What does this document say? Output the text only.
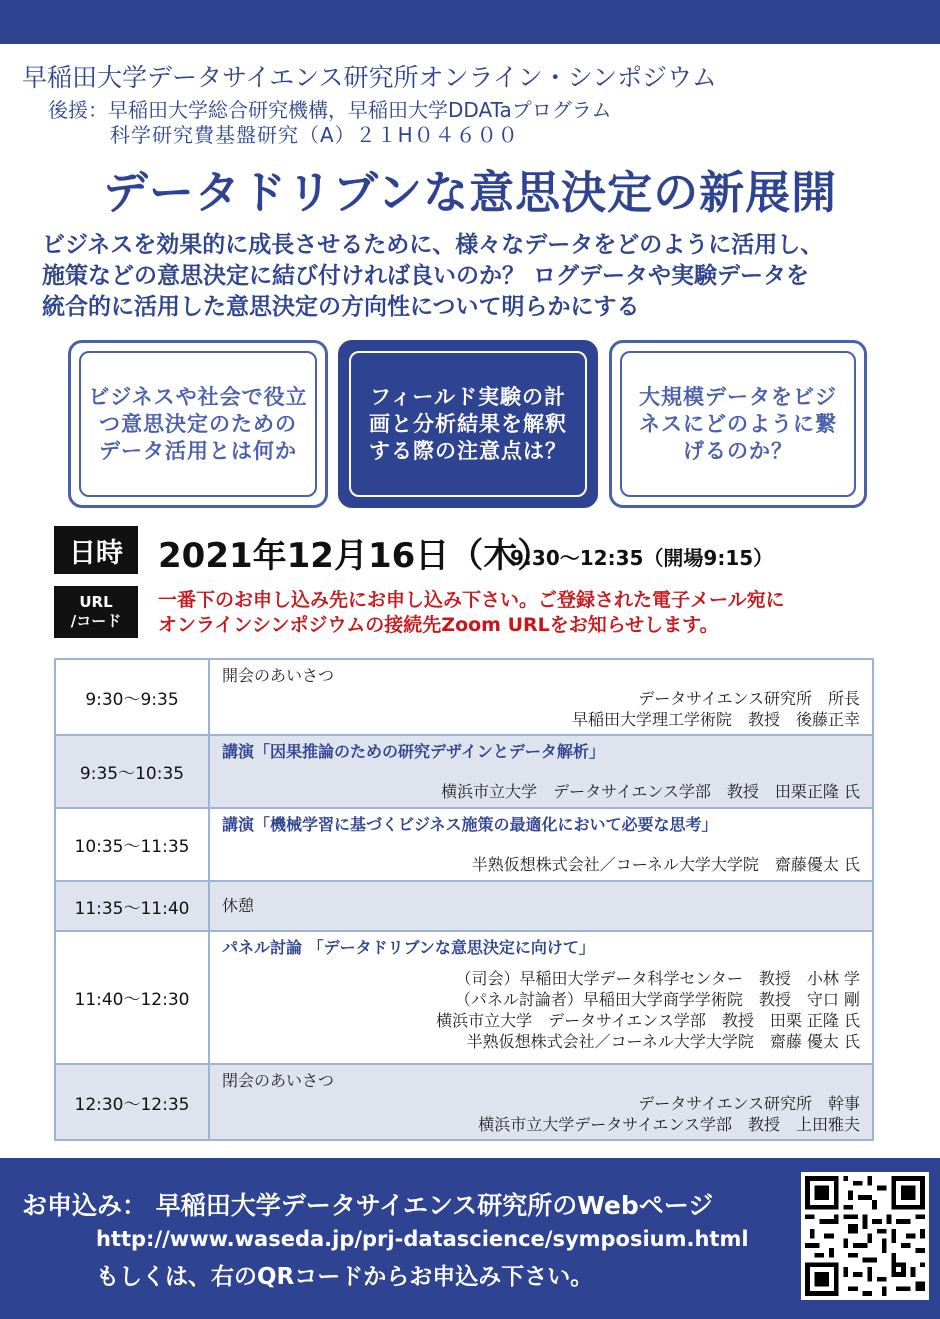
早稲田大学データサイエンス研究所オンライン・シンポジウム
後援：早稲田大学総合研究機構，早稲田大学DDATaプログラム
科学研究費基盤研究（A）２１H０４６００
データドリブンな意思決定の新展開
ビジネスを効果的に成長させるために、様々なデータをどのように活用し、
施策などの意思決定に結び付ければ良いのか？ ログデータや実験データを
統合的に活用した意思決定の方向性について明らかにする
ビジネスや社会で役立
つ意思決定のための
データ活用とは何か
フィールド実験の計
画と分析結果を解釈
する際の注意点は？
大規模データをビジ
ネスにどのように繋
げるのか？
日時	2021年12月16日（木）
9:30〜12:35（開場9:15）
URL
/コード
一番下のお申し込み先にお申し込み下さい。ご登録された電子メール宛に
オンラインシンポジウムの接続先Zoom URLをお知らせします。
9:30〜9:35	開会のあいさつ
データサイエンス研究所　所長
早稲田大学理工学術院　教授　後藤正幸

9:35〜10:35	講演「因果推論のための研究デザインとデータ解析」
横浜市立大学　データサイエンス学部　教授　田栗正隆 氏

10:35〜11:35	講演「機械学習に基づくビジネス施策の最適化において必要な思考」
半熟仮想株式会社／コーネル大学大学院　齋藤優太 氏

11:35〜11:40	休憩

11:40〜12:30	パネル討論 「データドリブンな意思決定に向けて」
（司会）早稲田大学データ科学センター　教授　小林 学
（パネル討論者）早稲田大学商学学術院　教授　守口 剛
横浜市立大学　データサイエンス学部　教授　田栗 正隆 氏
半熟仮想株式会社／コーネル大学大学院　齋藤 優太 氏

12:30〜12:35	閉会のあいさつ
データサイエンス研究所　幹事
横浜市立大学データサイエンス学部　教授　上田雅夫
お申込み： 早稲田大学データサイエンス研究所のWebページ
http://www.waseda.jp/prj-datascience/symposium.html
もしくは、右のQRコードからお申込み下さい。
